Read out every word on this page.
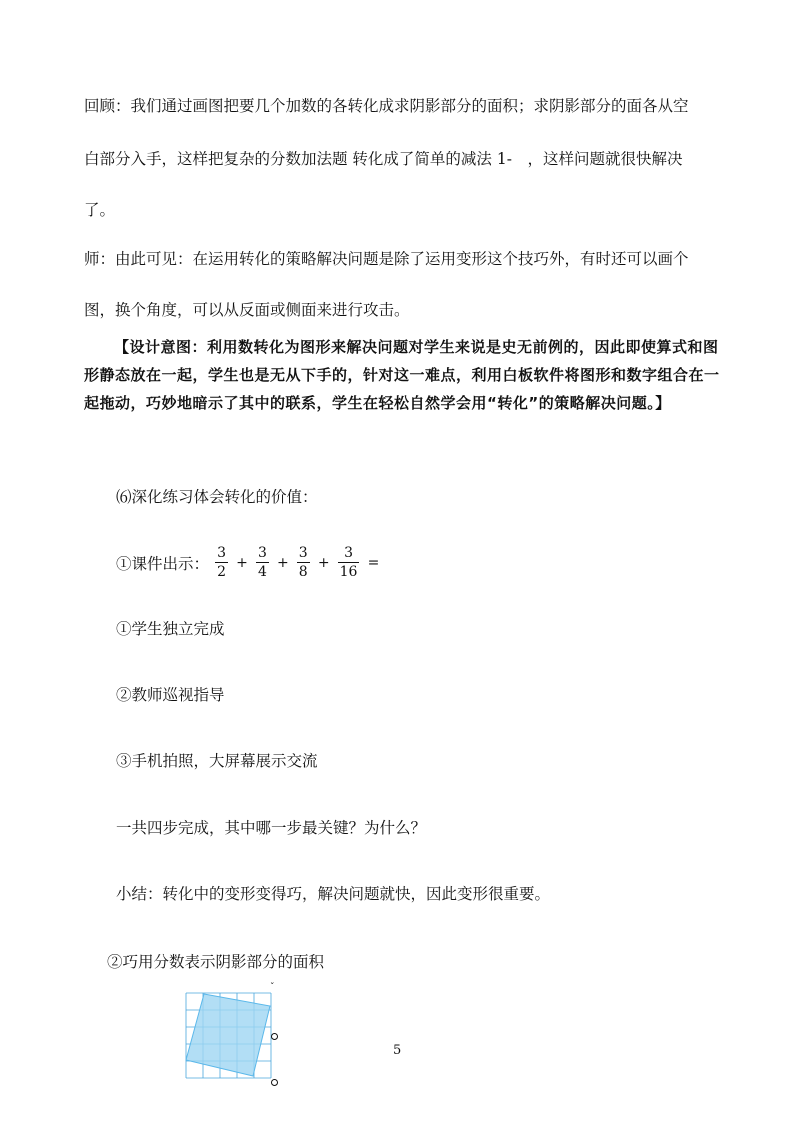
回顾：我们通过画图把要几个加数的各转化成求阴影部分的面积；求阴影部分的面各从空
白部分入手，这样把复杂的分数加法题 转化成了简单的减法 1-　，这样问题就很快解决
了。
师：由此可见：在运用转化的策略解决问题是除了运用变形这个技巧外，有时还可以画个
图，换个角度，可以从反面或侧面来进行攻击。
【设计意图：利用数转化为图形来解决问题对学生来说是史无前例的，因此即使算式和图形静态放在一起，学生也是无从下手的，针对这一难点，利用白板软件将图形和数字组合在一起拖动，巧妙地暗示了其中的联系，学生在轻松自然学会用“转化”的策略解决问题。】
⑹深化练习体会转化的价值：
①课件出示： $\frac{3}{2} + \frac{3}{4} + \frac{3}{8} + \frac{3}{16}$ =
①学生独立完成
②教师巡视指导
③手机拍照，大屏幕展示交流
一共四步完成，其中哪一步最关键？为什么？
小结：转化中的变形变得巧，解决问题就快，因此变形很重要。
②巧用分数表示阴影部分的面积
ˇ
5
